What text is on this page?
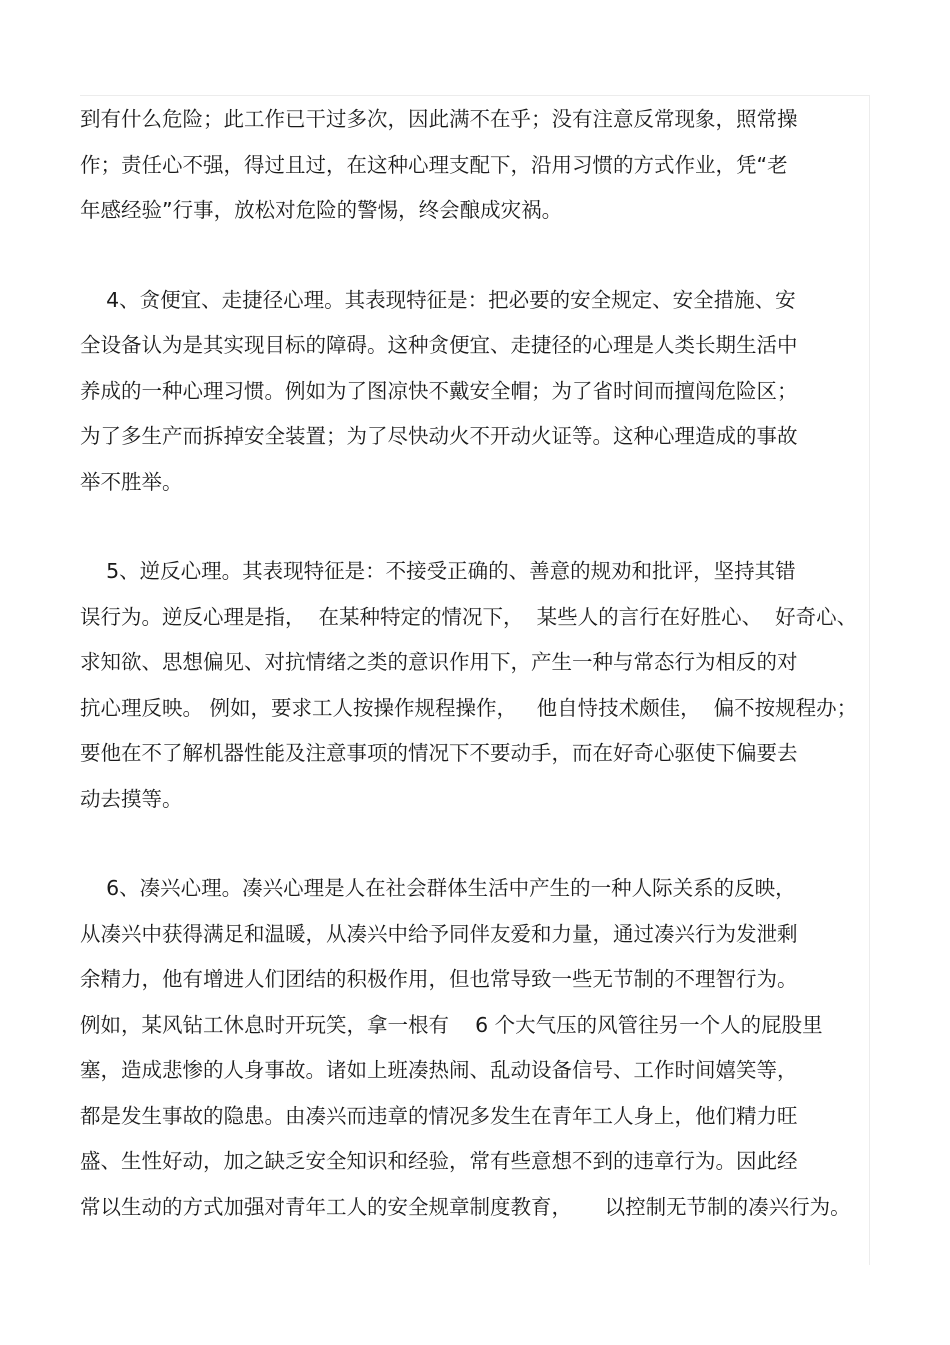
到有什么危险；此工作已干过多次，因此满不在乎；没有注意反常现象，照常操
作；责任心不强，得过且过，在这种心理支配下，沿用习惯的方式作业，凭“老
年感经验”行事，放松对危险的警惕，终会酿成灾祸。
4、贪便宜、走捷径心理。其表现特征是：把必要的安全规定、安全措施、安
全设备认为是其实现目标的障碍。这种贪便宜、走捷径的心理是人类长期生活中
养成的一种心理习惯。例如为了图凉快不戴安全帽；为了省时间而擅闯危险区；
为了多生产而拆掉安全装置；为了尽快动火不开动火证等。这种心理造成的事故
举不胜举。
5、逆反心理。其表现特征是：不接受正确的、善意的规劝和批评，坚持其错
误行为。逆反心理是指，  在某种特定的情况下，  某些人的言行在好胜心、  好奇心、
求知欲、思想偏见、对抗情绪之类的意识作用下，产生一种与常态行为相反的对
抗心理反映。 例如，要求工人按操作规程操作，   他自恃技术颇佳，  偏不按规程办；
要他在不了解机器性能及注意事项的情况下不要动手，而在好奇心驱使下偏要去
动去摸等。
6、凑兴心理。凑兴心理是人在社会群体生活中产生的一种人际关系的反映，
从凑兴中获得满足和温暖，从凑兴中给予同伴友爱和力量，通过凑兴行为发泄剩
余精力，他有增进人们团结的积极作用，但也常导致一些无节制的不理智行为。
例如，某风钻工休息时开玩笑，拿一根有    6 个大气压的风管往另一个人的屁股里
塞，造成悲惨的人身事故。诸如上班凑热闹、乱动设备信号、工作时间嬉笑等，
都是发生事故的隐患。由凑兴而违章的情况多发生在青年工人身上，他们精力旺
盛、生性好动，加之缺乏安全知识和经验，常有些意想不到的违章行为。因此经
常以生动的方式加强对青年工人的安全规章制度教育，     以控制无节制的凑兴行为。
